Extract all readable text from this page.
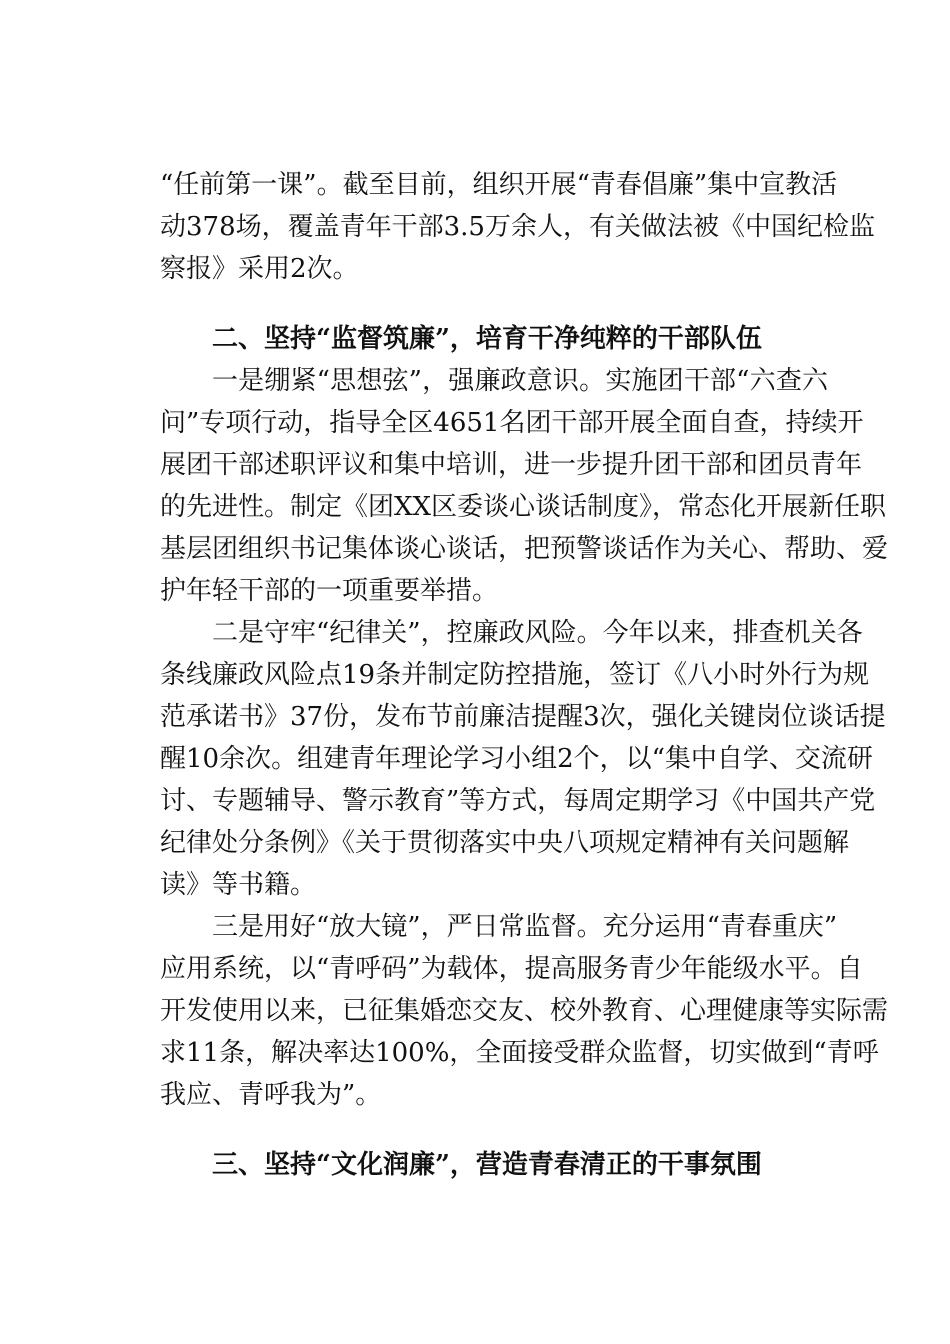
“任前第一课”。截至目前，组织开展“青春倡廉”集中宣教活
动378场，覆盖青年干部3.5万余人，有关做法被《中国纪检监
察报》采用2次。
二、坚持“监督筑廉”，培育干净纯粹的干部队伍
一是绷紧“思想弦”，强廉政意识。实施团干部“六查六
问”专项行动，指导全区4651名团干部开展全面自查，持续开
展团干部述职评议和集中培训，进一步提升团干部和团员青年
的先进性。制定《团XX区委谈心谈话制度》，常态化开展新任职
基层团组织书记集体谈心谈话，把预警谈话作为关心、帮助、爱
护年轻干部的一项重要举措。
二是守牢“纪律关”，控廉政风险。今年以来，排查机关各
条线廉政风险点19条并制定防控措施，签订《八小时外行为规
范承诺书》37份，发布节前廉洁提醒3次，强化关键岗位谈话提
醒10余次。组建青年理论学习小组2个，以“集中自学、交流研
讨、专题辅导、警示教育”等方式，每周定期学习《中国共产党
纪律处分条例》《关于贯彻落实中央八项规定精神有关问题解
读》等书籍。
三是用好“放大镜”，严日常监督。充分运用“青春重庆”
应用系统，以“青呼码”为载体，提高服务青少年能级水平。自
开发使用以来，已征集婚恋交友、校外教育、心理健康等实际需
求11条，解决率达100%，全面接受群众监督，切实做到“青呼
我应、青呼我为”。
三、坚持“文化润廉”，营造青春清正的干事氛围
